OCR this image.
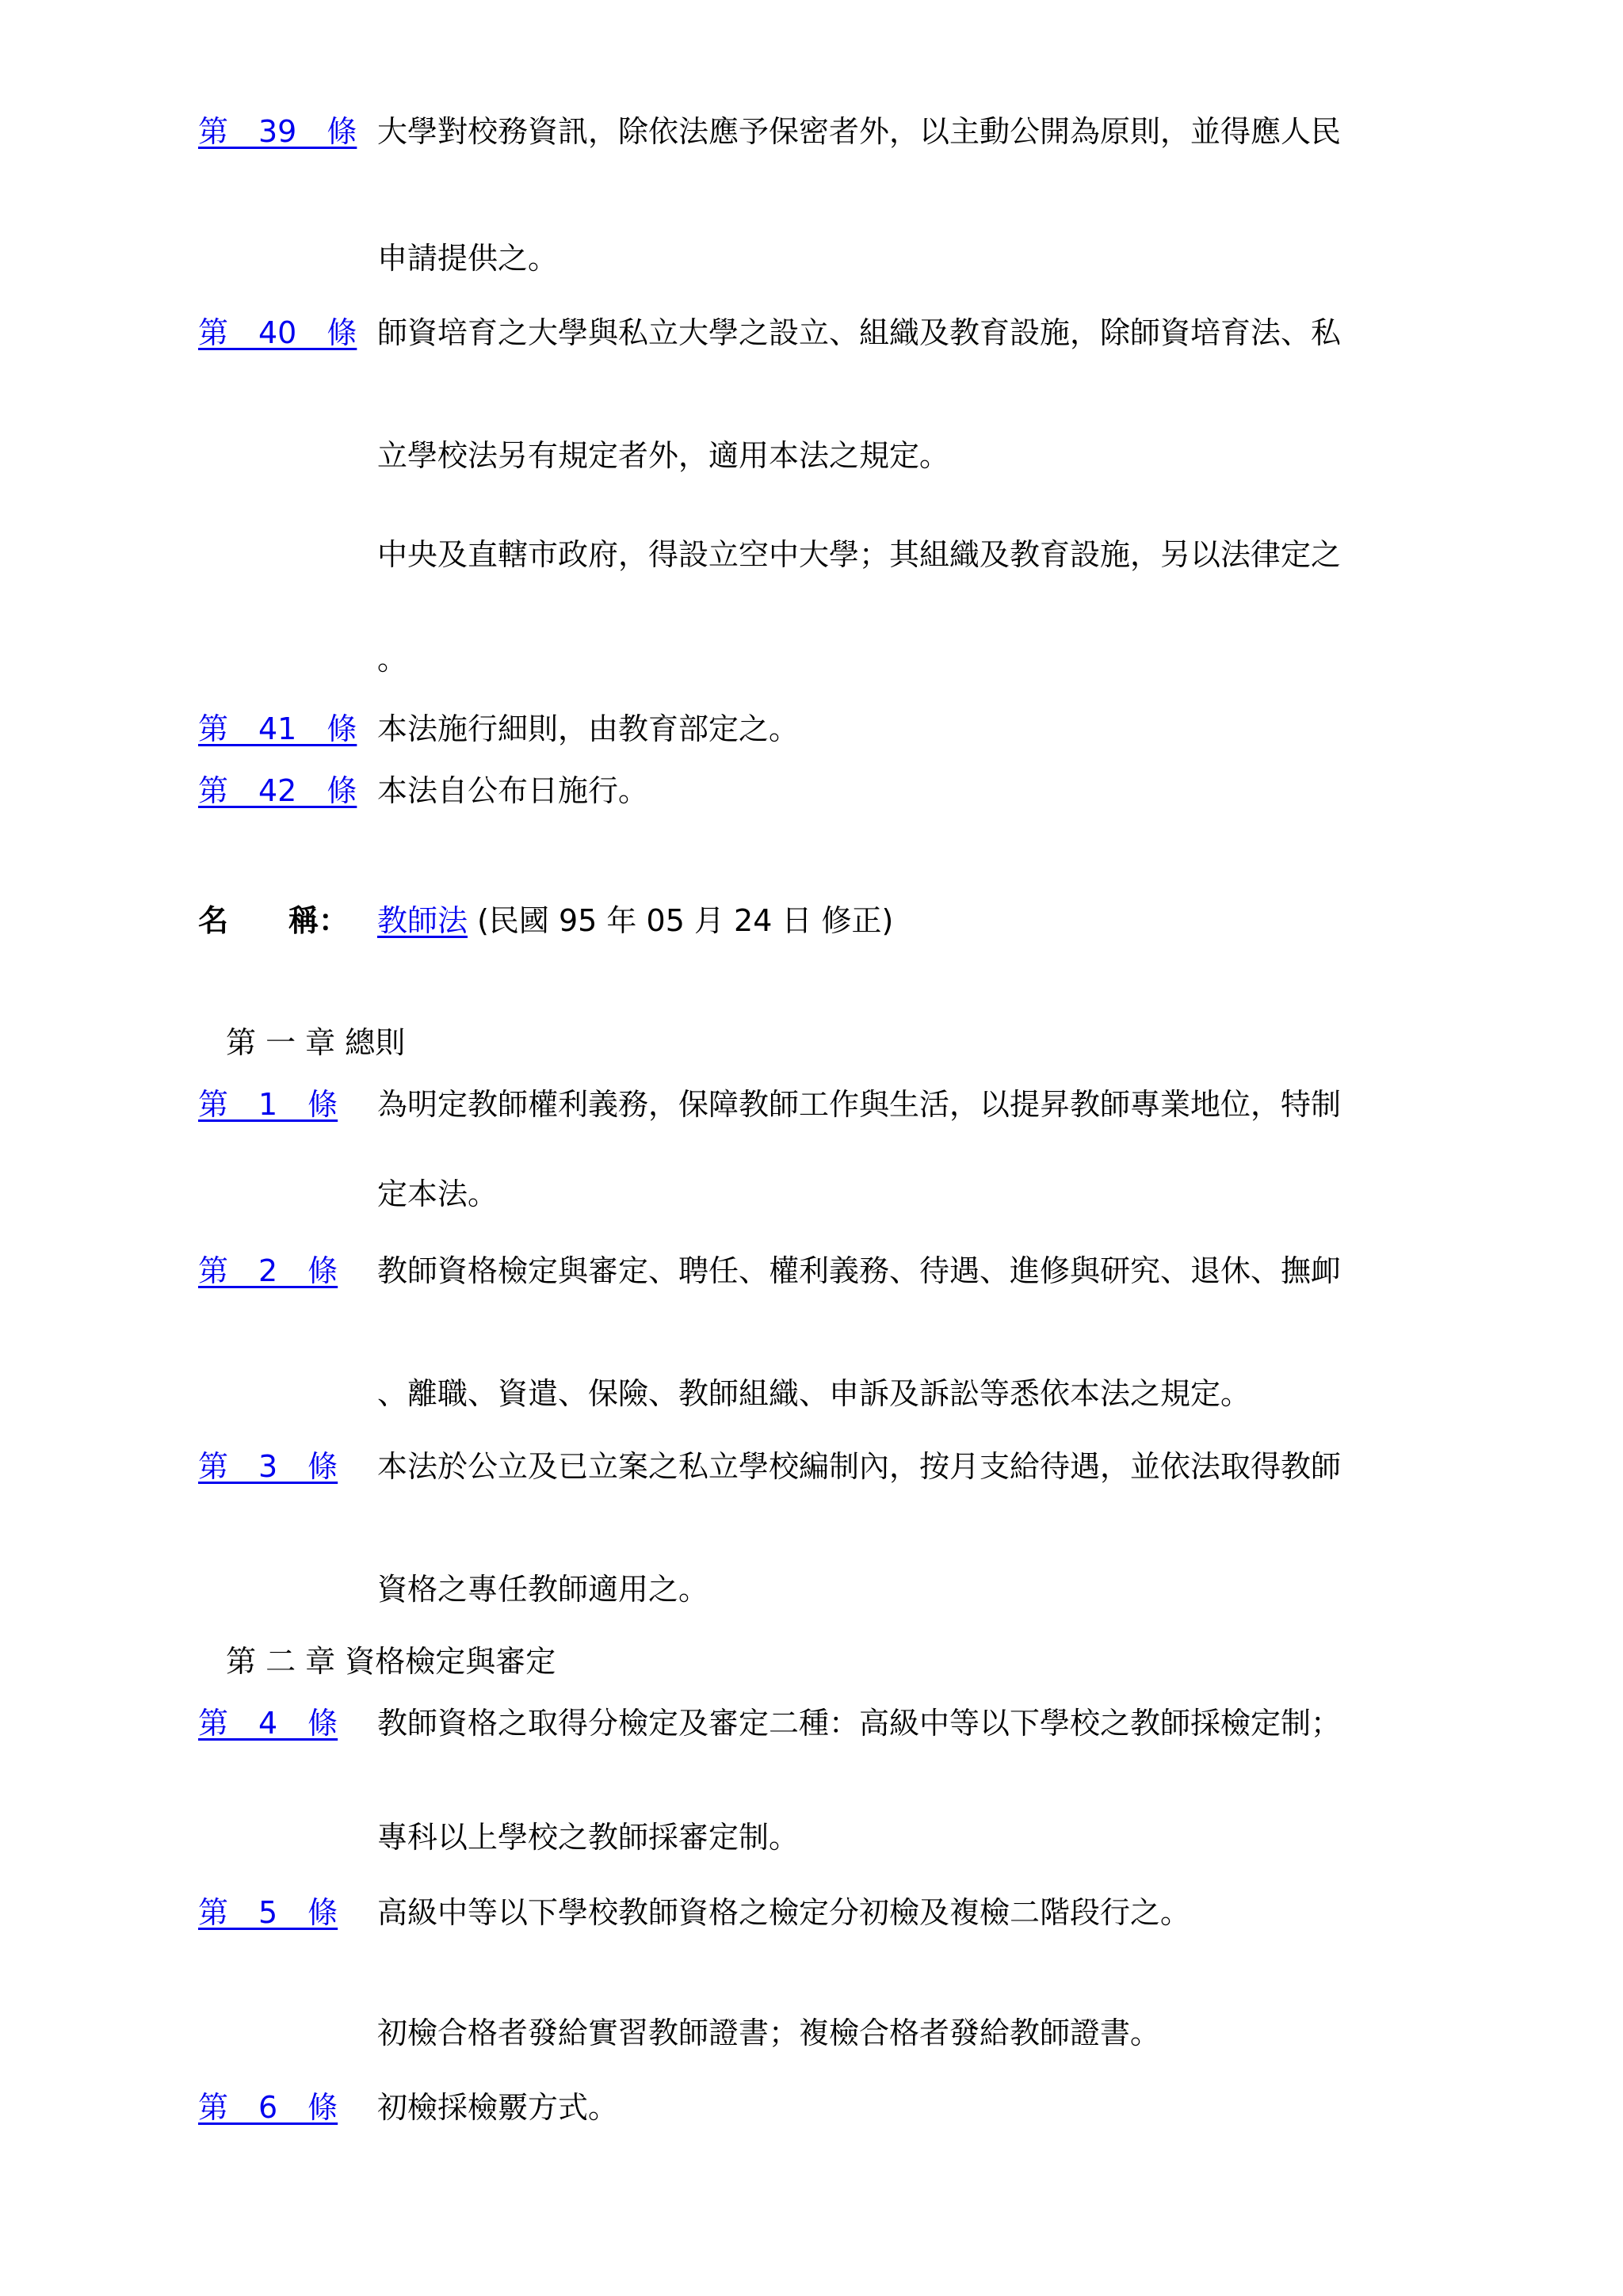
第　39　條 大學對校務資訊，除依法應予保密者外，以主動公開為原則，並得應人民
申請提供之。
第　40　條 師資培育之大學與私立大學之設立、組織及教育設施，除師資培育法、私
立學校法另有規定者外，適用本法之規定。
中央及直轄市政府，得設立空中大學；其組織及教育設施，另以法律定之
。
第　41　條 本法施行細則，由教育部定之。
第　42　條 本法自公布日施行。
名　　稱： 教師法 (民國 95 年 05 月 24 日 修正)
第 一 章 總則
第　1　條 為明定教師權利義務，保障教師工作與生活，以提昇教師專業地位，特制
定本法。
第　2　條 教師資格檢定與審定、聘任、權利義務、待遇、進修與研究、退休、撫卹
、離職、資遣、保險、教師組織、申訴及訴訟等悉依本法之規定。
第　3　條 本法於公立及已立案之私立學校編制內，按月支給待遇，並依法取得教師
資格之專任教師適用之。
第 二 章 資格檢定與審定
第　4　條 教師資格之取得分檢定及審定二種：高級中等以下學校之教師採檢定制；
專科以上學校之教師採審定制。
第　5　條 高級中等以下學校教師資格之檢定分初檢及複檢二階段行之。
初檢合格者發給實習教師證書；複檢合格者發給教師證書。
第　6　條 初檢採檢覈方式。
